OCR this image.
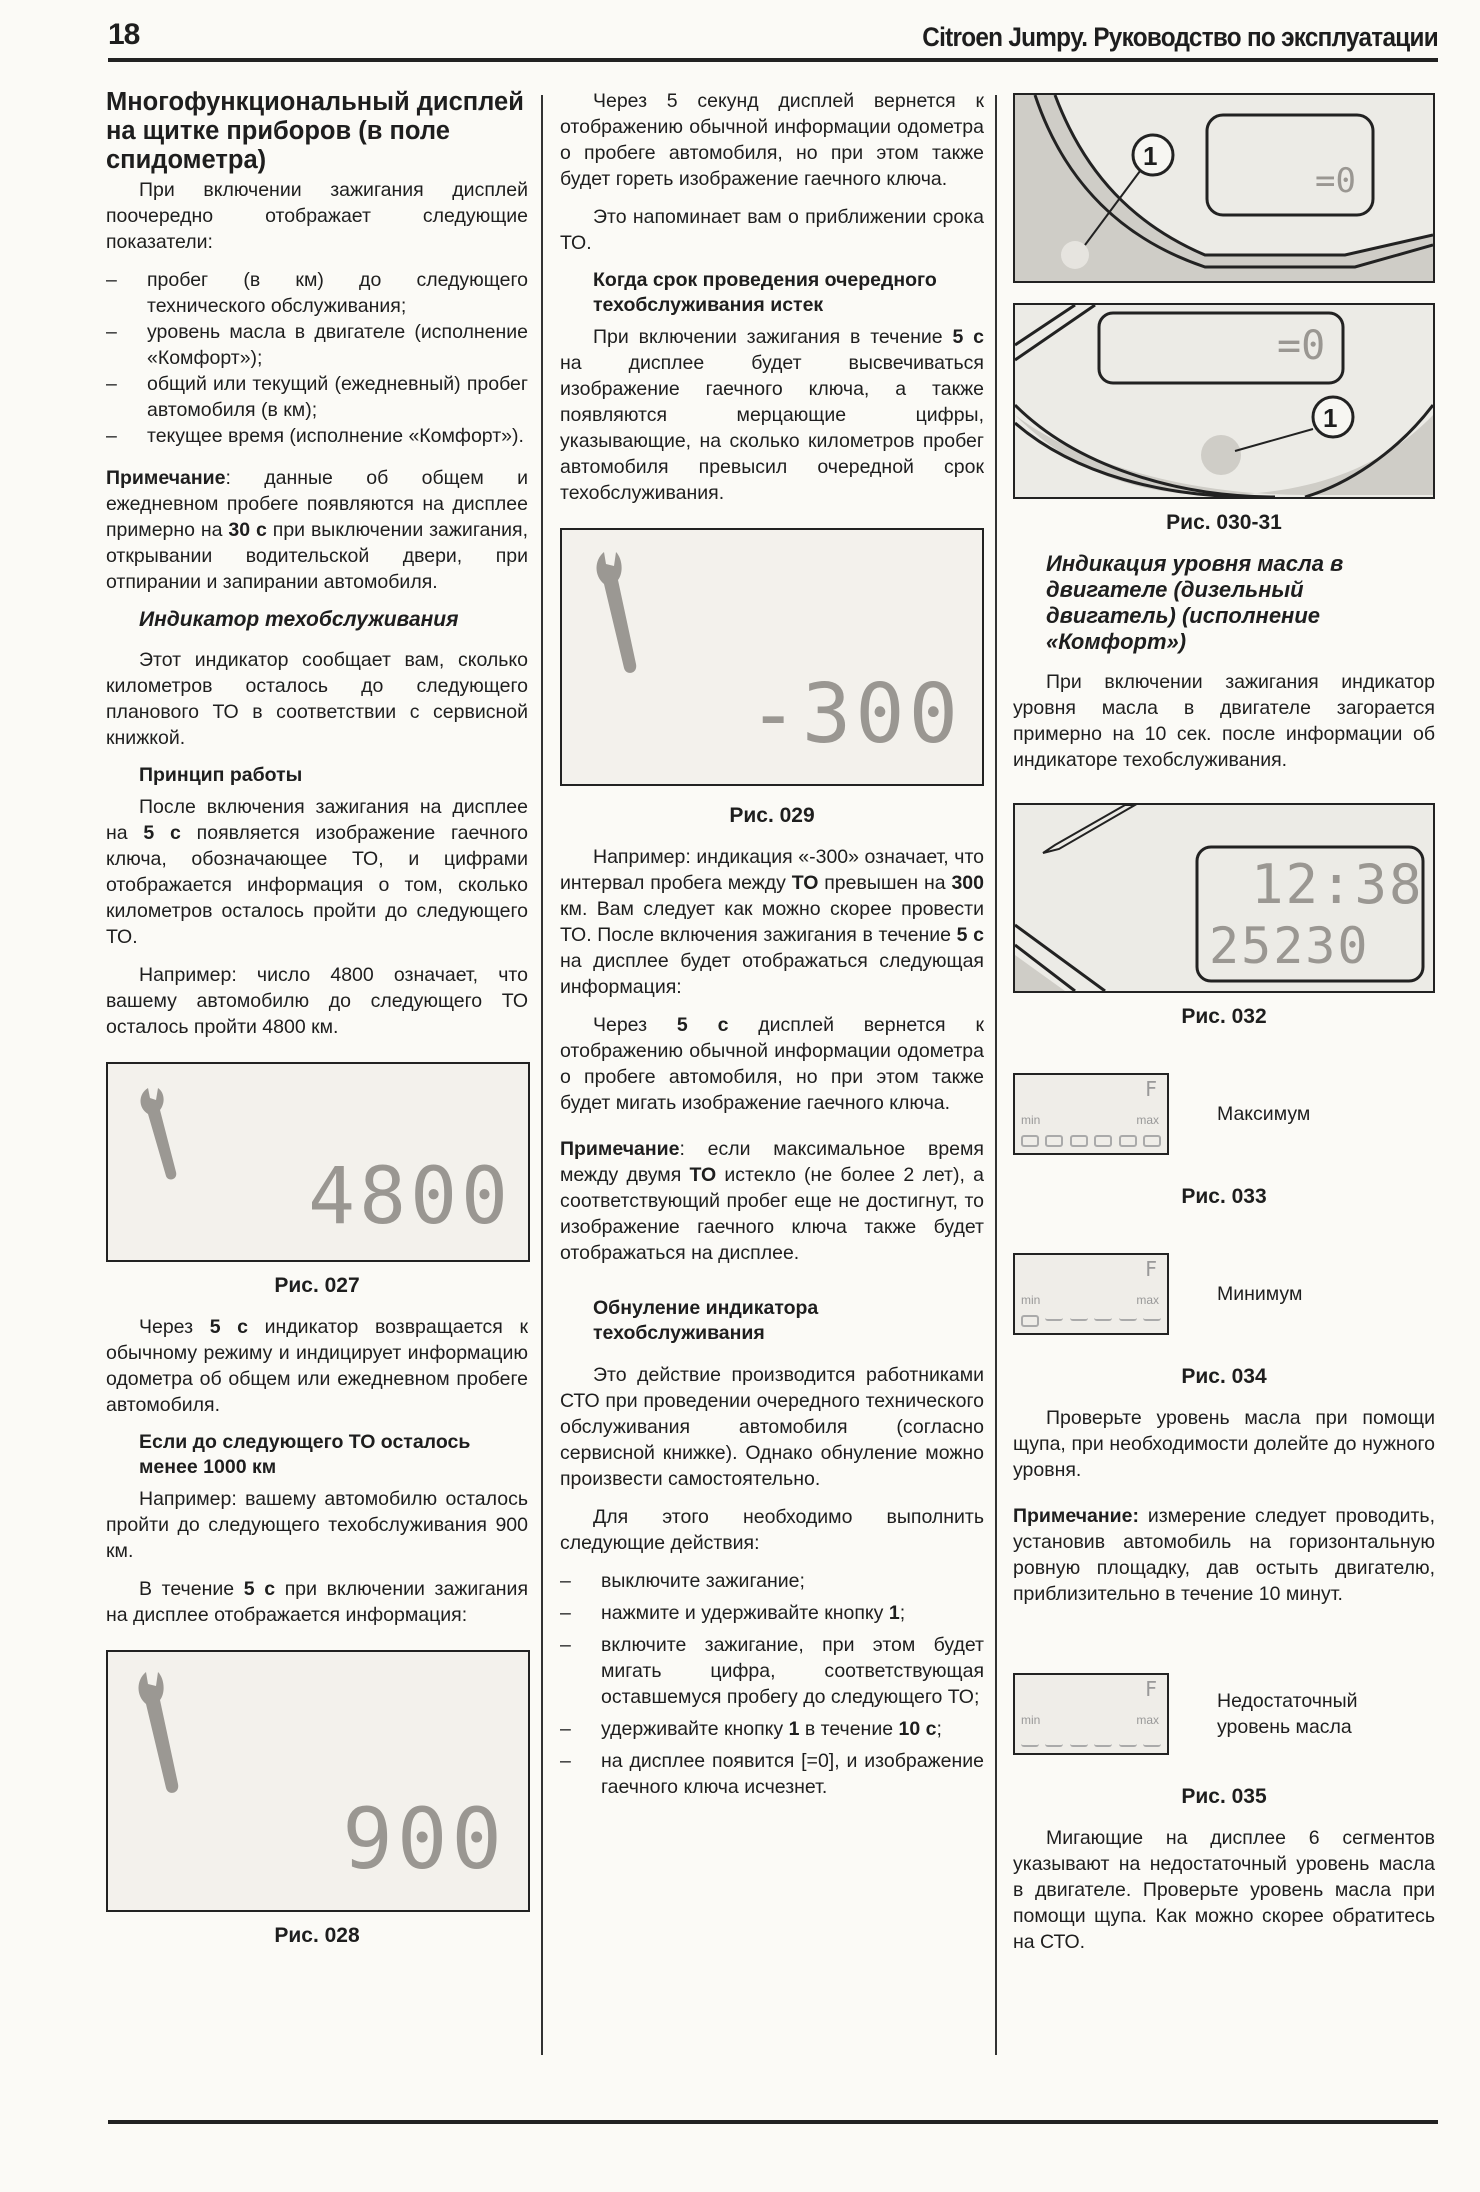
18	Citroen Jumpy. Руководство по эксплуатации
Многофункциональный дисплей на щитке приборов (в поле спидометра)

При включении зажигания дисплей поочередно отображает следующие показатели:

– пробег (в км) до следующего технического обслуживания;
– уровень масла в двигателе (исполнение «Комфорт»);
– общий или текущий (ежедневный) пробег автомобиля (в км);
– текущее время (исполнение «Комфорт»).

Примечание: данные об общем и ежедневном пробеге появляются на дисплее примерно на 30 с при выключении зажигания, открывании водительской двери, при отпирании и запирании автомобиля.

Индикатор техобслуживания

Этот индикатор сообщает вам, сколько километров осталось до следующего планового ТО в соответствии с сервисной книжкой.

Принцип работы

После включения зажигания на дисплее на 5 с появляется изображение гаечного ключа, обозначающее ТО, и цифрами отображается информация о том, сколько километров осталось пройти до следующего ТО.

Например: число 4800 означает, что вашему автомобилю до следующего ТО осталось пройти 4800 км.

4800
Рис. 027

Через 5 с индикатор возвращается к обычному режиму и индицирует информацию одометра об общем или ежедневном пробеге автомобиля.

Если до следующего ТО осталось менее 1000 км

Например: вашему автомобилю осталось пройти до следующего техобслуживания 900 км.

В течение 5 с при включении зажигания на дисплее отображается информация:

900
Рис. 028

Через 5 секунд дисплей вернется к отображению обычной информации одометра о пробеге автомобиля, но при этом также будет гореть изображение гаечного ключа.

Это напоминает вам о приближении срока ТО.

Когда срок проведения очередного техобслуживания истек

При включении зажигания в течение 5 с на дисплее будет высвечиваться изображение гаечного ключа, а также появляются мерцающие цифры, указывающие, на сколько километров пробег автомобиля превысил очередной срок техобслуживания.

-300
Рис. 029

Например: индикация «-300» означает, что интервал пробега между ТО превышен на 300 км. Вам следует как можно скорее провести ТО. После включения зажигания в течение 5 с на дисплее будет отображаться следующая информация:

Через 5 с дисплей вернется к отображению обычной информации одометра о пробеге автомобиля, но при этом также будет мигать изображение гаечного ключа.

Примечание: если максимальное время между двумя ТО истекло (не более 2 лет), а соответствующий пробег еще не достигнут, то изображение гаечного ключа также будет отображаться на дисплее.

Обнуление индикатора техобслуживания

Это действие производится работниками СТО при проведении очередного технического обслуживания автомобиля (согласно сервисной книжке). Однако обнуление можно произвести самостоятельно.

Для этого необходимо выполнить следующие действия:

– выключите зажигание;
– нажмите и удерживайте кнопку 1;
– включите зажигание, при этом будет мигать цифра, соответствующая оставшемуся пробегу до следующего ТО;
– удерживайте кнопку 1 в течение 10 с;
– на дисплее появится [=0], и изображение гаечного ключа исчезнет.
1
=0
1
=0
Рис. 030-31
Индикация уровня масла в двигателе (дизельный двигатель) (исполнение «Комфорт»)

При включении зажигания индикатор уровня масла в двигателе загорается примерно на 10 сек. после информации об индикаторе техобслуживания.

12:38
25230
Рис. 032
F
min	max	Максимум
Рис. 033
F
min	max	Минимум
Рис. 034

Проверьте уровень масла при помощи щупа, при необходимости долейте до нужного уровня.

Примечание: измерение следует проводить, установив автомобиль на горизонтальную ровную площадку, дав остыть двигателю, приблизительно в течение 10 минут.

F
min	max
Недостаточный уровень масла
Рис. 035

Мигающие на дисплее 6 сегментов указывают на недостаточный уровень масла в двигателе. Проверьте уровень масла при помощи щупа. Как можно скорее обратитесь на СТО.
